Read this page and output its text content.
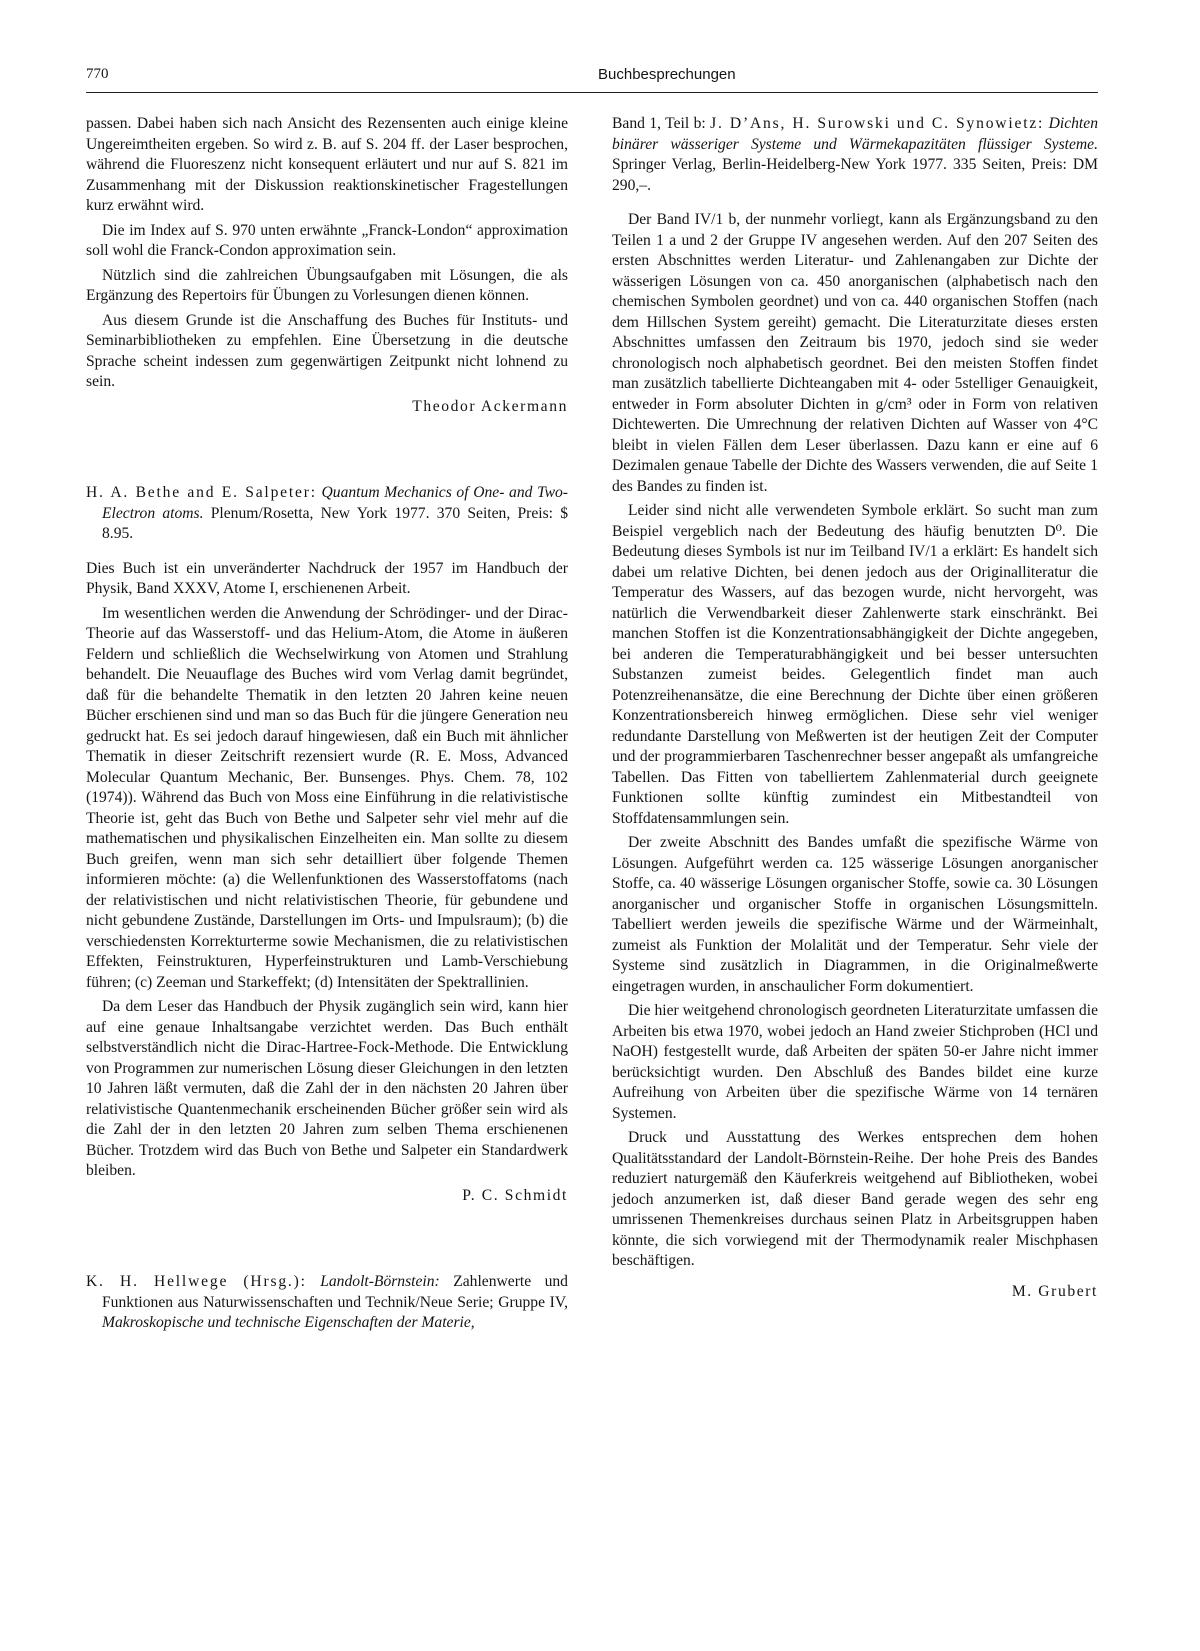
770	Buchbesprechungen

passen. Dabei haben sich nach Ansicht des Rezensenten auch einige kleine Ungereimtheiten ergeben. So wird z. B. auf S. 204 ff. der Laser besprochen, während die Fluoreszenz nicht konsequent erläutert und nur auf S. 821 im Zusammenhang mit der Diskussion reaktionskinetischer Fragestellungen kurz erwähnt wird.

Die im Index auf S. 970 unten erwähnte „Franck-London“ approximation soll wohl die Franck-Condon approximation sein.

Nützlich sind die zahlreichen Übungsaufgaben mit Lösungen, die als Ergänzung des Repertoirs für Übungen zu Vorlesungen dienen können.

Aus diesem Grunde ist die Anschaffung des Buches für Instituts- und Seminarbibliotheken zu empfehlen. Eine Übersetzung in die deutsche Sprache scheint indessen zum gegenwärtigen Zeitpunkt nicht lohnend zu sein.

Theodor Ackermann
H. A. Bethe and E. Salpeter: Quantum Mechanics of One- and Two-Electron atoms. Plenum/Rosetta, New York 1977. 370 Seiten, Preis: $ 8.95.

Dies Buch ist ein unveränderter Nachdruck der 1957 im Handbuch der Physik, Band XXXV, Atome I, erschienenen Arbeit.

Im wesentlichen werden die Anwendung der Schrödinger- und der Dirac-Theorie auf das Wasserstoff- und das Helium-Atom, die Atome in äußeren Feldern und schließlich die Wechselwirkung von Atomen und Strahlung behandelt. Die Neuauflage des Buches wird vom Verlag damit begründet, daß für die behandelte Thematik in den letzten 20 Jahren keine neuen Bücher erschienen sind und man so das Buch für die jüngere Generation neu gedruckt hat. Es sei jedoch darauf hingewiesen, daß ein Buch mit ähnlicher Thematik in dieser Zeitschrift rezensiert wurde (R. E. Moss, Advanced Molecular Quantum Mechanic, Ber. Bunsenges. Phys. Chem. 78, 102 (1974)). Während das Buch von Moss eine Einführung in die relativistische Theorie ist, geht das Buch von Bethe und Salpeter sehr viel mehr auf die mathematischen und physikalischen Einzelheiten ein. Man sollte zu diesem Buch greifen, wenn man sich sehr detailliert über folgende Themen informieren möchte: (a) die Wellenfunktionen des Wasserstoffatoms (nach der relativistischen und nicht relativistischen Theorie, für gebundene und nicht gebundene Zustände, Darstellungen im Orts- und Impulsraum); (b) die verschiedensten Korrekturterme sowie Mechanismen, die zu relativistischen Effekten, Feinstrukturen, Hyperfeinstrukturen und Lamb-Verschiebung führen; (c) Zeeman und Starkeffekt; (d) Intensitäten der Spektrallinien.

Da dem Leser das Handbuch der Physik zugänglich sein wird, kann hier auf eine genaue Inhaltsangabe verzichtet werden. Das Buch enthält selbstverständlich nicht die Dirac-Hartree-Fock-Methode. Die Entwicklung von Programmen zur numerischen Lösung dieser Gleichungen in den letzten 10 Jahren läßt vermuten, daß die Zahl der in den nächsten 20 Jahren über relativistische Quantenmechanik erscheinenden Bücher größer sein wird als die Zahl der in den letzten 20 Jahren zum selben Thema erschienenen Bücher. Trotzdem wird das Buch von Bethe und Salpeter ein Standardwerk bleiben.

P. C. Schmidt
K. H. Hellwege (Hrsg.): Landolt-Börnstein: Zahlenwerte und Funktionen aus Naturwissenschaften und Technik/Neue Serie; Gruppe IV, Makroskopische und technische Eigenschaften der Materie,
Band 1, Teil b: J. D’Ans, H. Surowski und C. Synowietz: Dichten binärer wässeriger Systeme und Wärmekapazitäten flüssiger Systeme. Springer Verlag, Berlin-Heidelberg-New York 1977. 335 Seiten, Preis: DM 290,–.

Der Band IV/1 b, der nunmehr vorliegt, kann als Ergänzungsband zu den Teilen 1 a und 2 der Gruppe IV angesehen werden. Auf den 207 Seiten des ersten Abschnittes werden Literatur- und Zahlenangaben zur Dichte der wässerigen Lösungen von ca. 450 anorganischen (alphabetisch nach den chemischen Symbolen geordnet) und von ca. 440 organischen Stoffen (nach dem Hillschen System gereiht) gemacht. Die Literaturzitate dieses ersten Abschnittes umfassen den Zeitraum bis 1970, jedoch sind sie weder chronologisch noch alphabetisch geordnet. Bei den meisten Stoffen findet man zusätzlich tabellierte Dichteangaben mit 4- oder 5stelliger Genauigkeit, entweder in Form absoluter Dichten in g/cm³ oder in Form von relativen Dichtewerten. Die Umrechnung der relativen Dichten auf Wasser von 4°C bleibt in vielen Fällen dem Leser überlassen. Dazu kann er eine auf 6 Dezimalen genaue Tabelle der Dichte des Wassers verwenden, die auf Seite 1 des Bandes zu finden ist.

Leider sind nicht alle verwendeten Symbole erklärt. So sucht man zum Beispiel vergeblich nach der Bedeutung des häufig benutzten D⁰. Die Bedeutung dieses Symbols ist nur im Teilband IV/1 a erklärt: Es handelt sich dabei um relative Dichten, bei denen jedoch aus der Originalliteratur die Temperatur des Wassers, auf das bezogen wurde, nicht hervorgeht, was natürlich die Verwendbarkeit dieser Zahlenwerte stark einschränkt. Bei manchen Stoffen ist die Konzentrationsabhängigkeit der Dichte angegeben, bei anderen die Temperaturabhängigkeit und bei besser untersuchten Substanzen zumeist beides. Gelegentlich findet man auch Potenzreihenansätze, die eine Berechnung der Dichte über einen größeren Konzentrationsbereich hinweg ermöglichen. Diese sehr viel weniger redundante Darstellung von Meßwerten ist der heutigen Zeit der Computer und der programmierbaren Taschenrechner besser angepaßt als umfangreiche Tabellen. Das Fitten von tabelliertem Zahlenmaterial durch geeignete Funktionen sollte künftig zumindest ein Mitbestandteil von Stoffdatensammlungen sein.

Der zweite Abschnitt des Bandes umfaßt die spezifische Wärme von Lösungen. Aufgeführt werden ca. 125 wässerige Lösungen anorganischer Stoffe, ca. 40 wässerige Lösungen organischer Stoffe, sowie ca. 30 Lösungen anorganischer und organischer Stoffe in organischen Lösungsmitteln. Tabelliert werden jeweils die spezifische Wärme und der Wärmeinhalt, zumeist als Funktion der Molalität und der Temperatur. Sehr viele der Systeme sind zusätzlich in Diagrammen, in die Originalmeßwerte eingetragen wurden, in anschaulicher Form dokumentiert.

Die hier weitgehend chronologisch geordneten Literaturzitate umfassen die Arbeiten bis etwa 1970, wobei jedoch an Hand zweier Stichproben (HCl und NaOH) festgestellt wurde, daß Arbeiten der späten 50-er Jahre nicht immer berücksichtigt wurden. Den Abschluß des Bandes bildet eine kurze Aufreihung von Arbeiten über die spezifische Wärme von 14 ternären Systemen.

Druck und Ausstattung des Werkes entsprechen dem hohen Qualitätsstandard der Landolt-Börnstein-Reihe. Der hohe Preis des Bandes reduziert naturgemäß den Käuferkreis weitgehend auf Bibliotheken, wobei jedoch anzumerken ist, daß dieser Band gerade wegen des sehr eng umrissenen Themenkreises durchaus seinen Platz in Arbeitsgruppen haben könnte, die sich vorwiegend mit der Thermodynamik realer Mischphasen beschäftigen.

M. Grubert
